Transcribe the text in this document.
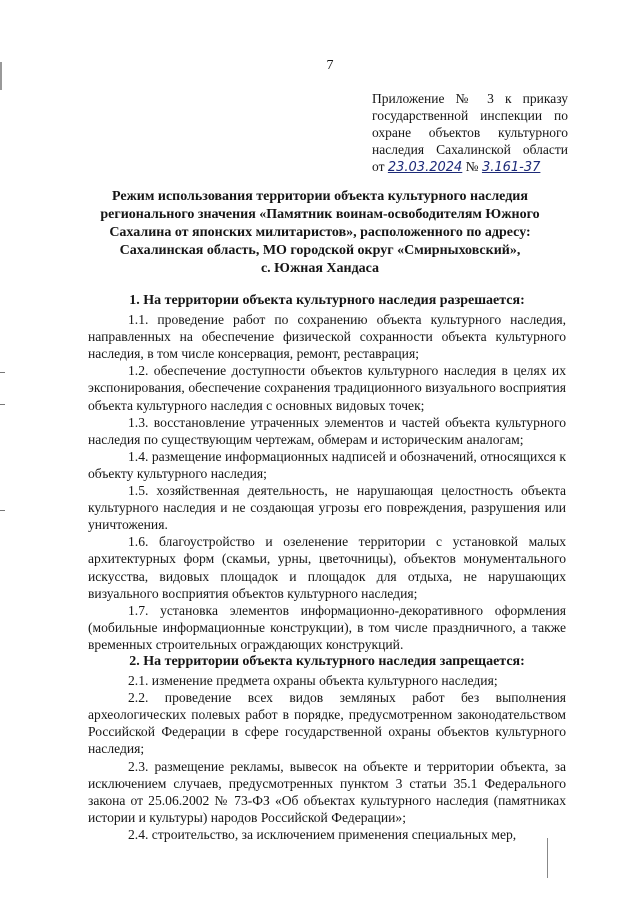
7
Приложение № 3 к приказу
государственной инспекции по
охране объектов культурного
наследия Сахалинской области
от 23.03.2024 № 3.161-37
Режим использования территории объекта культурного наследия
регионального значения «Памятник воинам-освободителям Южного
Сахалина от японских милитаристов», расположенного по адресу:
Сахалинская область, МО городской округ «Смирныховский»,
с. Южная Хандаса

1. На территории объекта культурного наследия разрешается:

1.1. проведение работ по сохранению объекта культурного наследия, направленных на обеспечение физической сохранности объекта культурного наследия, в том числе консервация, ремонт, реставрация;

1.2. обеспечение доступности объектов культурного наследия в целях их экспонирования, обеспечение сохранения традиционного визуального восприятия объекта культурного наследия с основных видовых точек;

1.3. восстановление утраченных элементов и частей объекта культурного наследия по существующим чертежам, обмерам и историческим аналогам;

1.4. размещение информационных надписей и обозначений, относящихся к объекту культурного наследия;

1.5. хозяйственная деятельность, не нарушающая целостность объекта культурного наследия и не создающая угрозы его повреждения, разрушения или уничтожения.

1.6. благоустройство и озеленение территории с установкой малых архитектурных форм (скамьи, урны, цветочницы), объектов монументального искусства, видовых площадок и площадок для отдыха, не нарушающих визуального восприятия объектов культурного наследия;

1.7. установка элементов информационно-декоративного оформления (мобильные информационные конструкции), в том числе праздничного, а также временных строительных ограждающих конструкций.

2. На территории объекта культурного наследия запрещается:

2.1. изменение предмета охраны объекта культурного наследия;

2.2. проведение всех видов земляных работ без выполнения археологических полевых работ в порядке, предусмотренном законодательством Российской Федерации в сфере государственной охраны объектов культурного наследия;

2.3. размещение рекламы, вывесок на объекте и территории объекта, за исключением случаев, предусмотренных пунктом 3 статьи 35.1 Федерального закона от 25.06.2002 № 73-ФЗ «Об объектах культурного наследия (памятниках истории и культуры) народов Российской Федерации»;

2.4. строительство, за исключением применения специальных мер,
